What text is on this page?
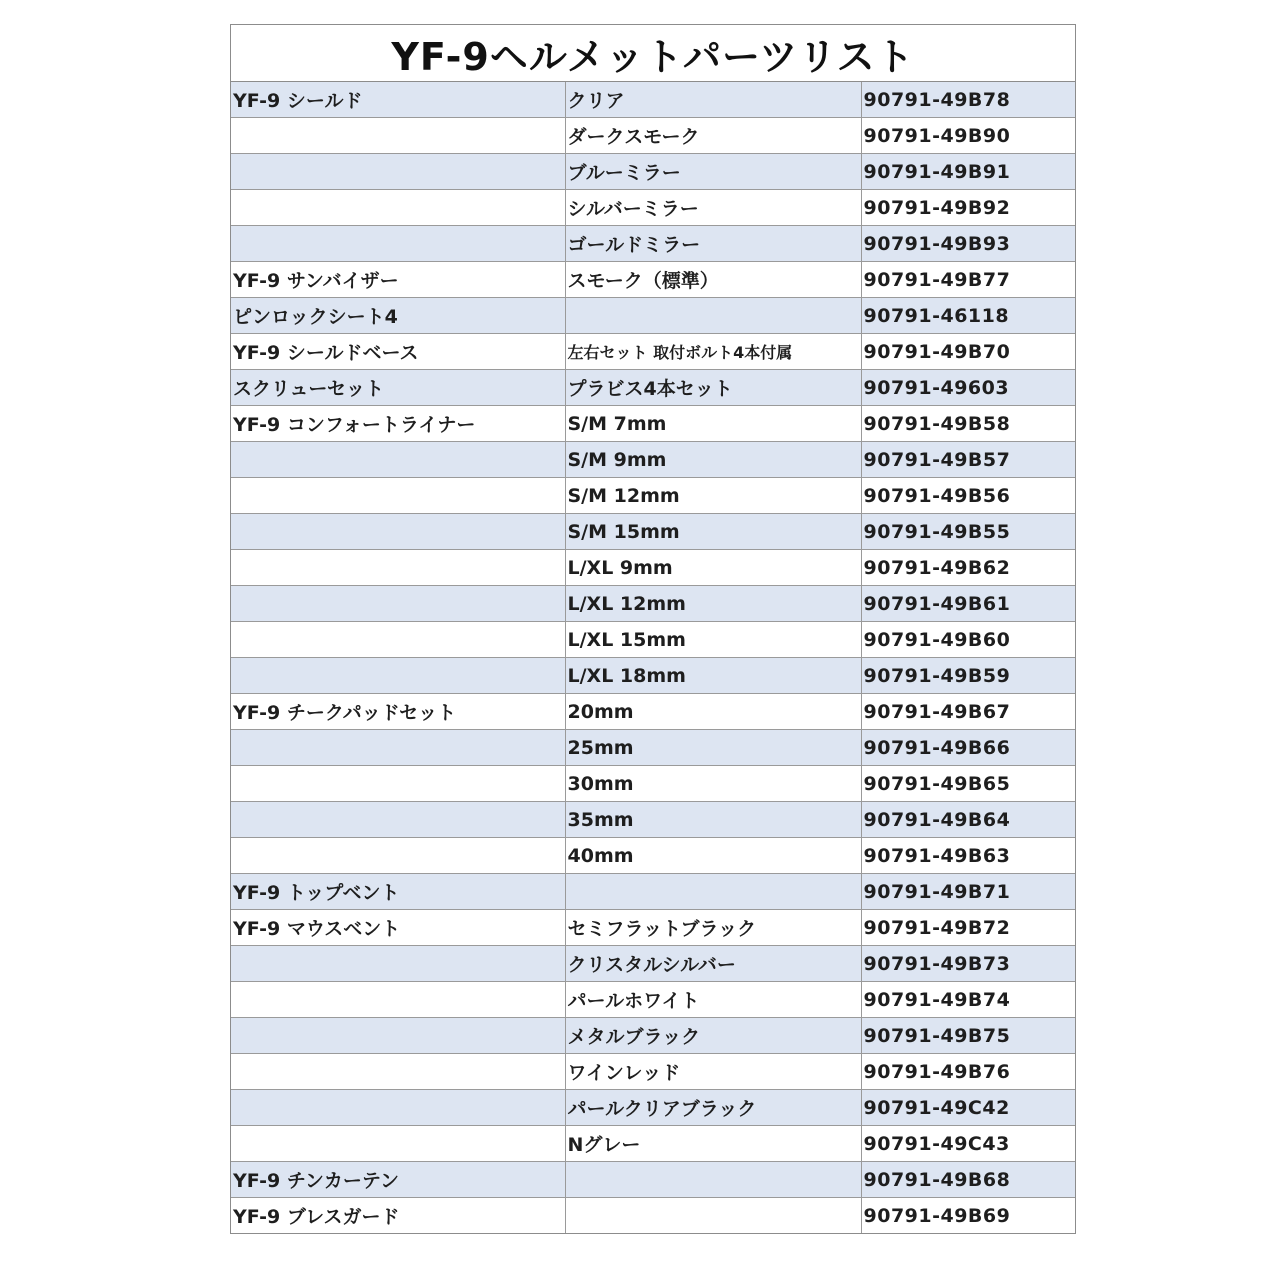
YF-9ヘルメットパーツリスト
YF-9 シールド	クリア	90791-49B78
	ダークスモーク	90791-49B90
	ブルーミラー	90791-49B91
	シルバーミラー	90791-49B92
	ゴールドミラー	90791-49B93
YF-9 サンバイザー	スモーク（標準）	90791-49B77
ピンロックシート4		90791-46118
YF-9 シールドベース	左右セット 取付ボルト4本付属	90791-49B70
スクリューセット	プラビス4本セット	90791-49603
YF-9 コンフォートライナー	S/M 7mm	90791-49B58
	S/M 9mm	90791-49B57
	S/M 12mm	90791-49B56
	S/M 15mm	90791-49B55
	L/XL 9mm	90791-49B62
	L/XL 12mm	90791-49B61
	L/XL 15mm	90791-49B60
	L/XL 18mm	90791-49B59
YF-9 チークパッドセット	20mm	90791-49B67
	25mm	90791-49B66
	30mm	90791-49B65
	35mm	90791-49B64
	40mm	90791-49B63
YF-9 トップベント		90791-49B71
YF-9 マウスベント	セミフラットブラック	90791-49B72
	クリスタルシルバー	90791-49B73
	パールホワイト	90791-49B74
	メタルブラック	90791-49B75
	ワインレッド	90791-49B76
	パールクリアブラック	90791-49C42
	Nグレー	90791-49C43
YF-9 チンカーテン		90791-49B68
YF-9 ブレスガード		90791-49B69
